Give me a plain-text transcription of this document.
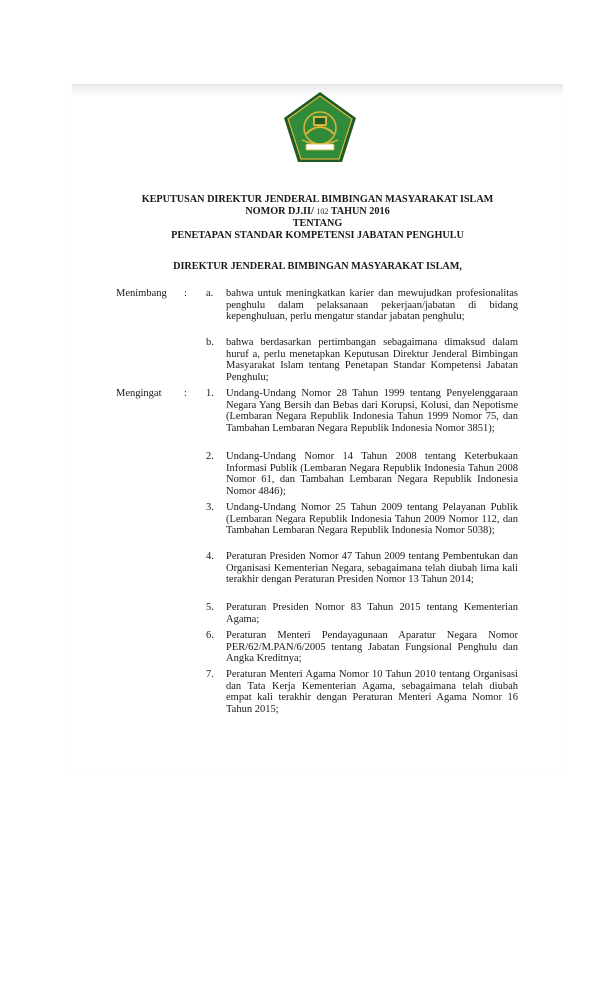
KEPUTUSAN DIREKTUR JENDERAL BIMBINGAN MASYARAKAT ISLAM
NOMOR DJ.II/ 102 TAHUN 2016
TENTANG
PENETAPAN STANDAR KOMPETENSI JABATAN PENGHULU
DIREKTUR JENDERAL BIMBINGAN MASYARAKAT ISLAM,
Menimbang : a. bahwa untuk meningkatkan karier dan mewujudkan profesionalitas penghulu dalam pelaksanaan pekerjaan/jabatan di bidang kepenghuluan, perlu mengatur standar jabatan penghulu;
b. bahwa berdasarkan pertimbangan sebagaimana dimaksud dalam huruf a, perlu menetapkan Keputusan Direktur Jenderal Bimbingan Masyarakat Islam tentang Penetapan Standar Kompetensi Jabatan Penghulu;
Mengingat : 1. Undang-Undang Nomor 28 Tahun 1999 tentang Penyelenggaraan Negara Yang Bersih dan Bebas dari Korupsi, Kolusi, dan Nepotisme (Lembaran Negara Republik Indonesia Tahun 1999 Nomor 75, dan Tambahan Lembaran Negara Republik Indonesia Nomor 3851);
2. Undang-Undang Nomor 14 Tahun 2008 tentang Keterbukaan Informasi Publik (Lembaran Negara Republik Indonesia Tahun 2008 Nomor 61, dan Tambahan Lembaran Negara Republik Indonesia Nomor 4846);
3. Undang-Undang Nomor 25 Tahun 2009 tentang Pelayanan Publik (Lembaran Negara Republik Indonesia Tahun 2009 Nomor 112, dan Tambahan Lembaran Negara Republik Indonesia Nomor 5038);
4. Peraturan Presiden Nomor 47 Tahun 2009 tentang Pembentukan dan Organisasi Kementerian Negara, sebagaimana telah diubah lima kali terakhir dengan Peraturan Presiden Nomor 13 Tahun 2014;
5. Peraturan Presiden Nomor 83 Tahun 2015 tentang Kementerian Agama;
6. Peraturan Menteri Pendayagunaan Aparatur Negara Nomor PER/62/M.PAN/6/2005 tentang Jabatan Fungsional Penghulu dan Angka Kreditnya;
7. Peraturan Menteri Agama Nomor 10 Tahun 2010 tentang Organisasi dan Tata Kerja Kementerian Agama, sebagaimana telah diubah empat kali terakhir dengan Peraturan Menteri Agama Nomor 16 Tahun 2015;
